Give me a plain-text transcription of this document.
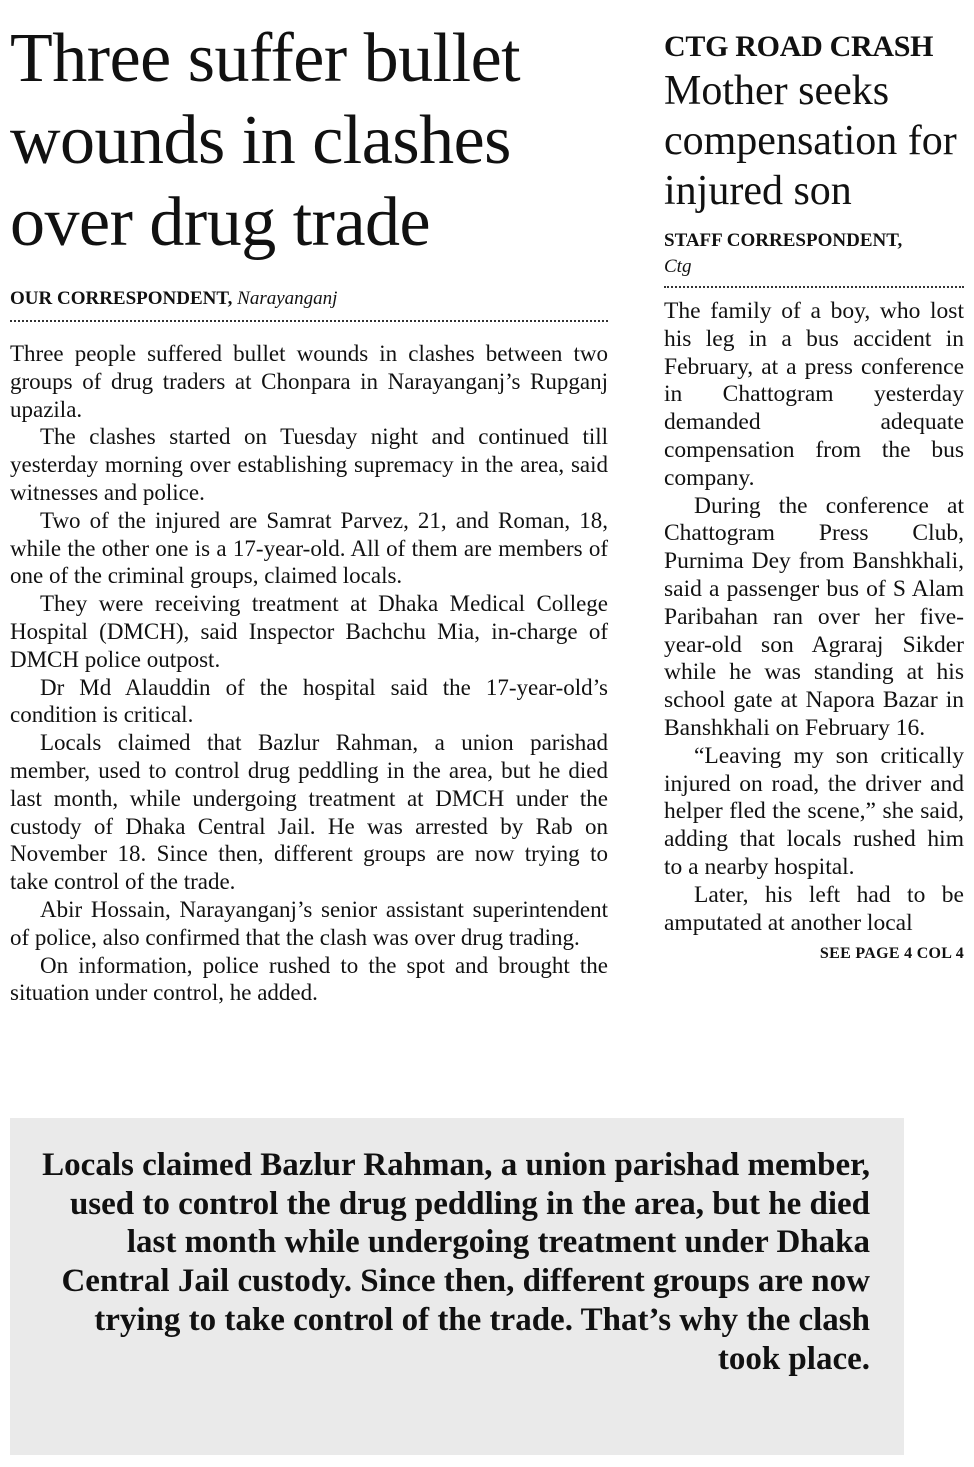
Three suffer bullet wounds in clashes over drug trade
OUR CORRESPONDENT, Narayanganj

Three people suffered bullet wounds in clashes between two groups of drug traders at Chonpara in Narayanganj’s Rupganj upazila.

The clashes started on Tuesday night and continued till yesterday morning over establishing supremacy in the area, said witnesses and police.

Two of the injured are Samrat Parvez, 21, and Roman, 18, while the other one is a 17-year-old. All of them are members of one of the criminal groups, claimed locals.

They were receiving treatment at Dhaka Medical College Hospital (DMCH), said Inspector Bachchu Mia, in-charge of DMCH police outpost.

Dr Md Alauddin of the hospital said the 17-year-old’s condition is critical.

Locals claimed that Bazlur Rahman, a union parishad member, used to control drug peddling in the area, but he died last month, while undergoing treatment at DMCH under the custody of Dhaka Central Jail. He was arrested by Rab on November 18. Since then, different groups are now trying to take control of the trade.

Abir Hossain, Narayanganj’s senior assistant superintendent of police, also confirmed that the clash was over drug trading.

On information, police rushed to the spot and brought the situation under control, he added.

CTG ROAD CRASH
Mother seeks compensation for injured son
STAFF CORRESPONDENT,
Ctg

The family of a boy, who lost his leg in a bus accident in February, at a press conference in Chattogram yesterday demanded adequate compensation from the bus company.

During the conference at Chattogram Press Club, Purnima Dey from Banshkhali, said a passenger bus of S Alam Paribahan ran over her five-year-old son Agraraj Sikder while he was standing at his school gate at Napora Bazar in Banshkhali on February 16.

“Leaving my son critically injured on road, the driver and helper fled the scene,” she said, adding that locals rushed him to a nearby hospital.

Later, his left had to be amputated at another local

SEE PAGE 4 COL 4

Locals claimed Bazlur Rahman, a union parishad member, used to control the drug peddling in the area, but he died last month while undergoing treatment under Dhaka Central Jail custody. Since then, different groups are now trying to take control of the trade. That’s why the clash took place.
